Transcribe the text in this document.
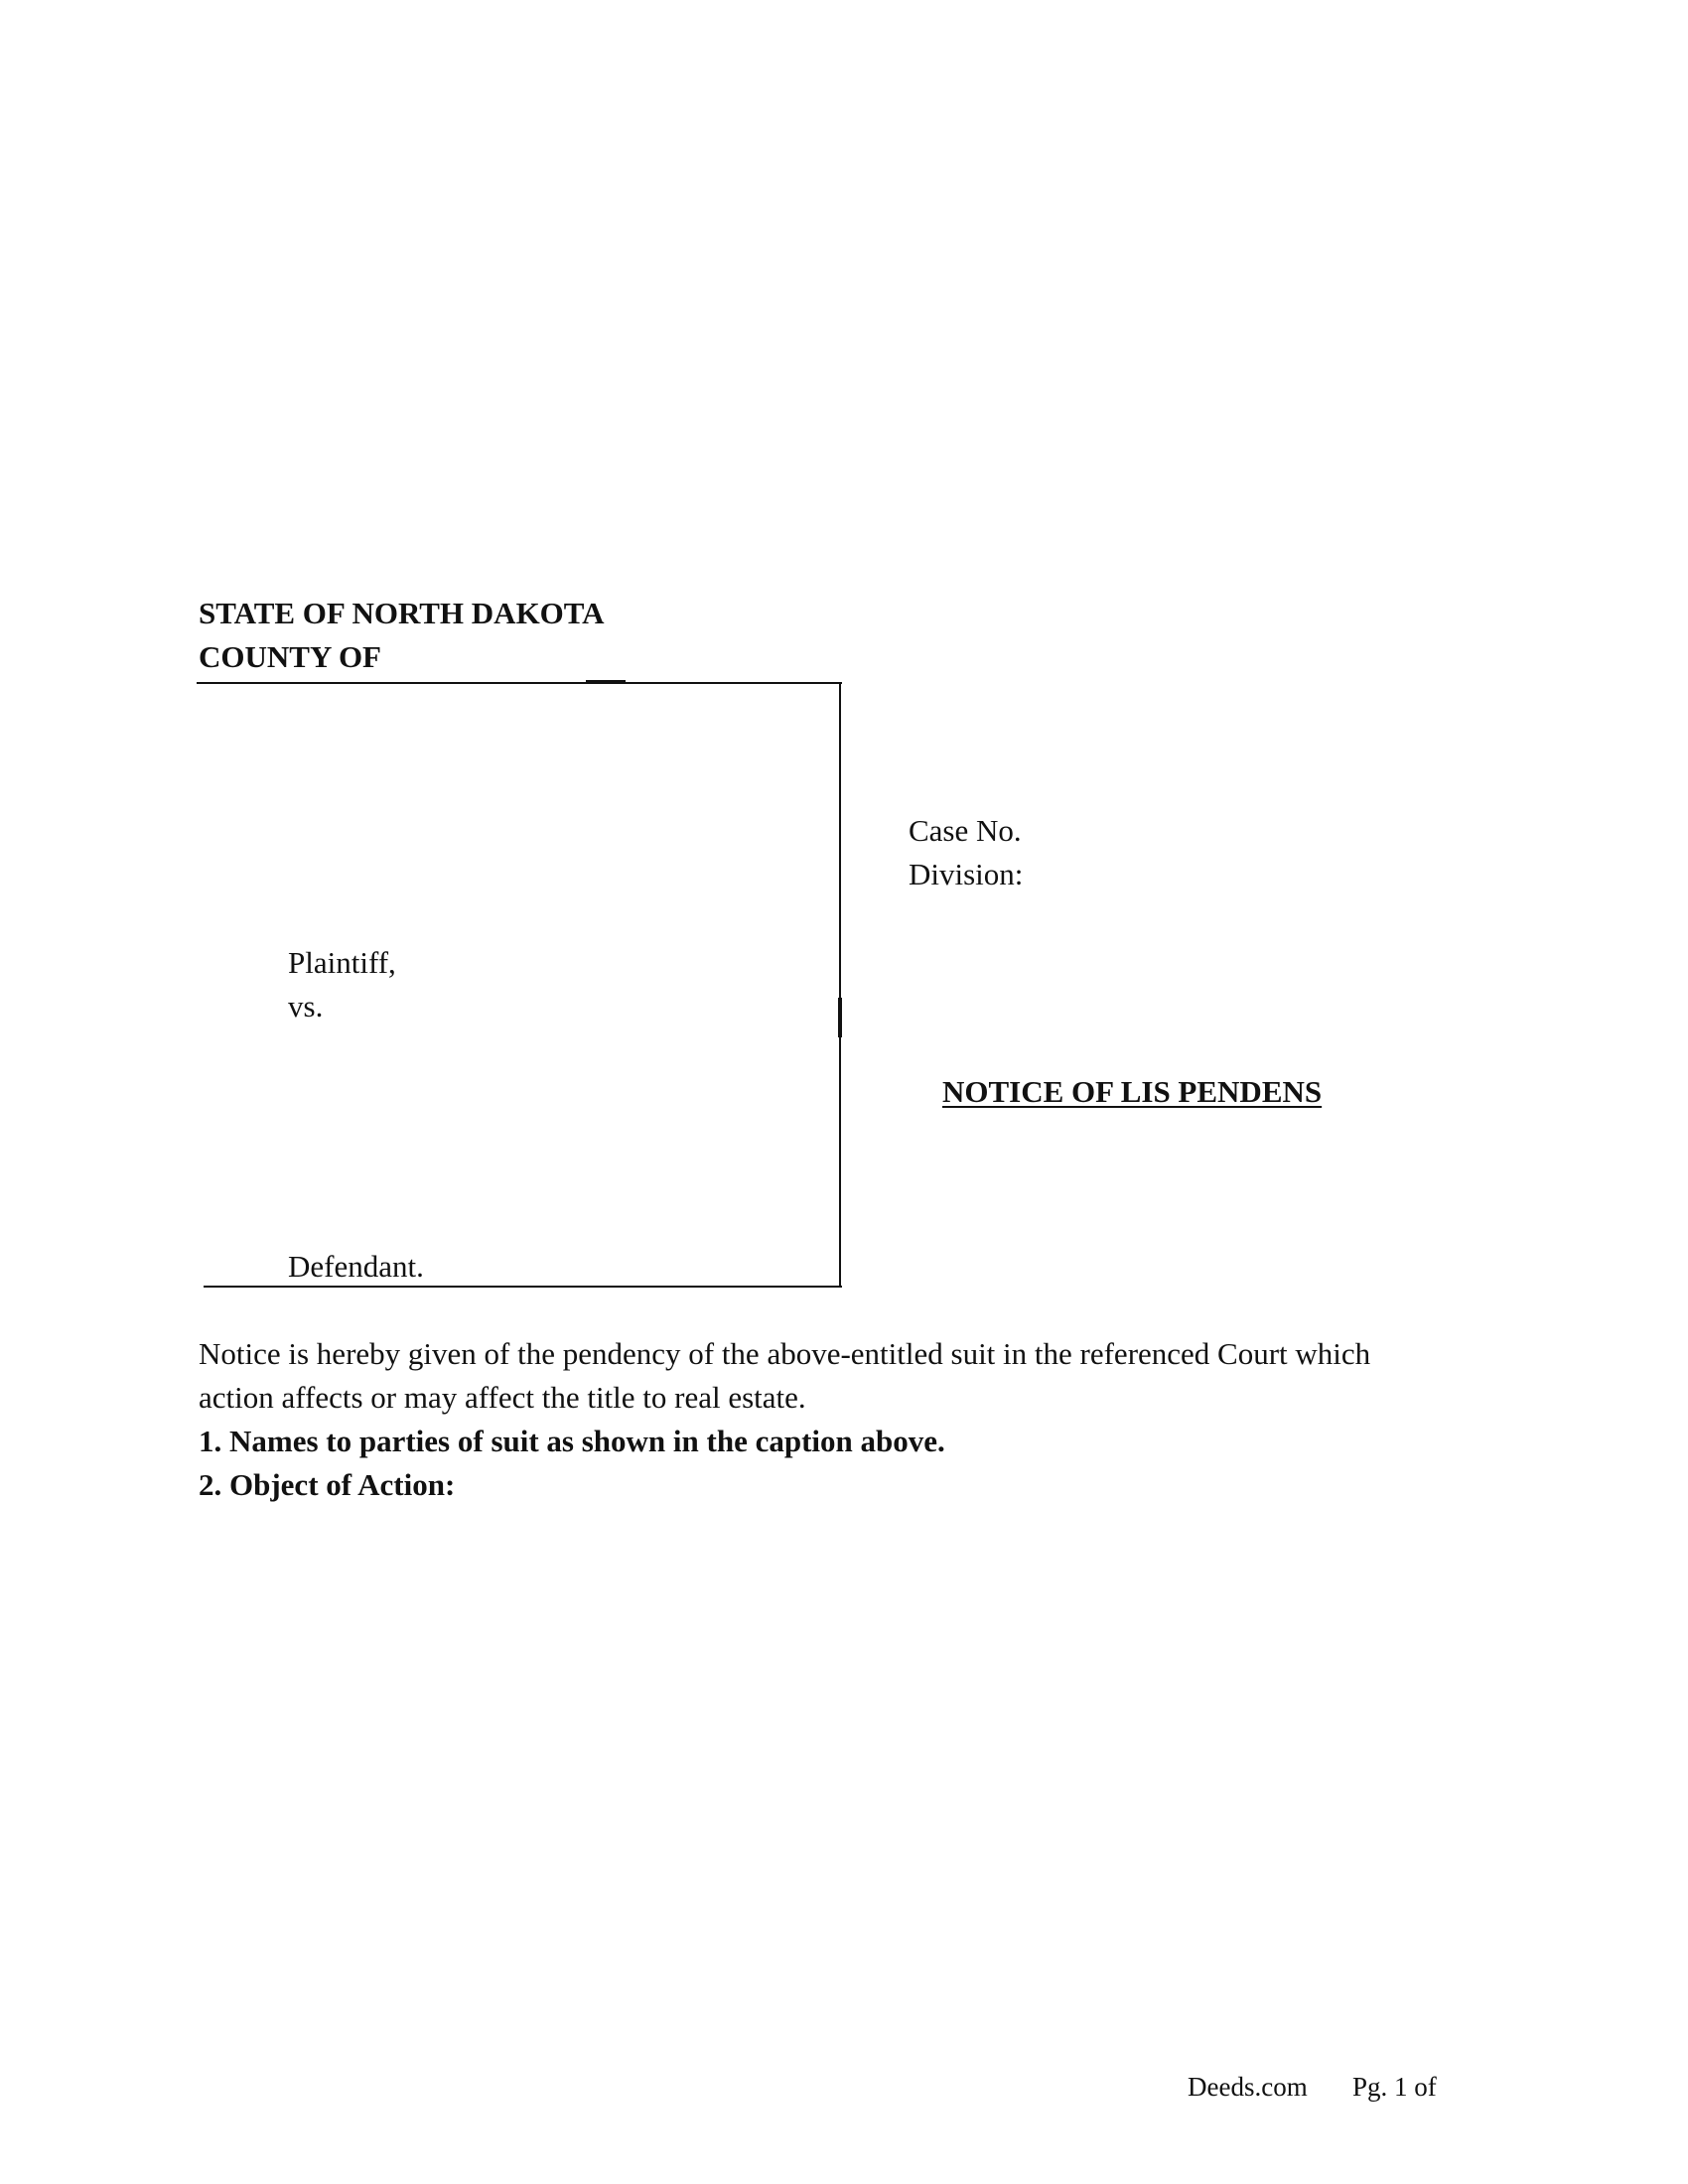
STATE OF NORTH DAKOTA
COUNTY OF
Plaintiff,
vs.
Defendant.
Case No.
Division:
NOTICE OF LIS PENDENS
Notice is hereby given of the pendency of the above-entitled suit in the referenced Court which
action affects or may affect the title to real estate.
1. Names to parties of suit as shown in the caption above.
2. Object of Action:
Deeds.com Pg. 1 of
